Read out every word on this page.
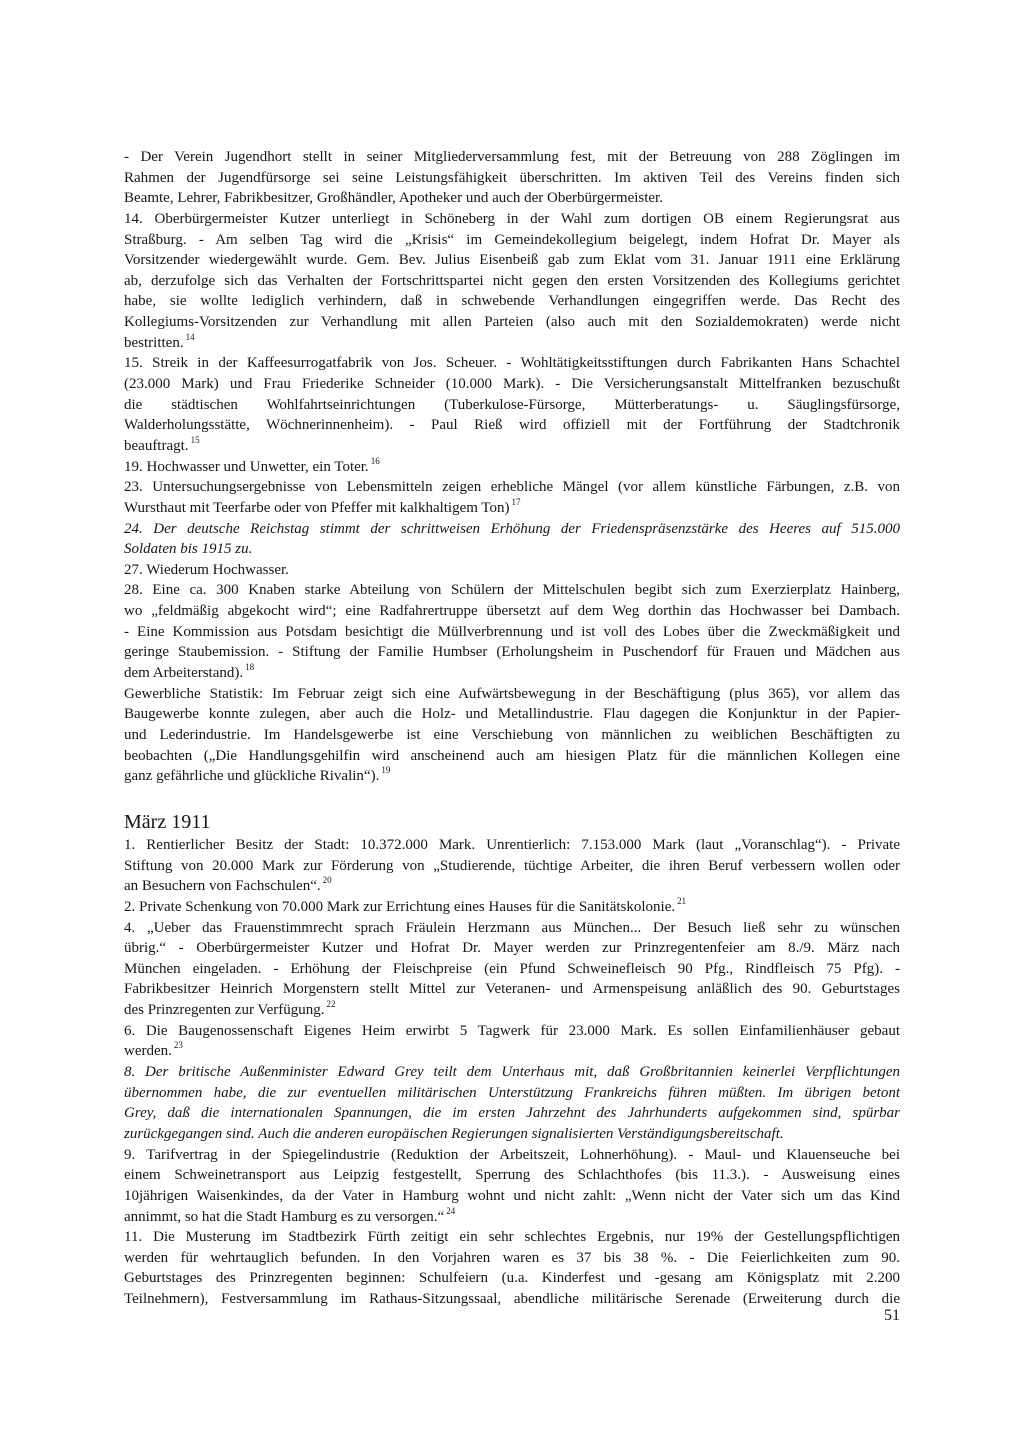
- Der Verein Jugendhort stellt in seiner Mitgliederversammlung fest, mit der Betreuung von 288 Zöglingen im
Rahmen der Jugendfürsorge sei seine Leistungsfähigkeit überschritten. Im aktiven Teil des Vereins finden sich
Beamte, Lehrer, Fabrikbesitzer, Großhändler, Apotheker und auch der Oberbürgermeister.
14. Oberbürgermeister Kutzer unterliegt in Schöneberg in der Wahl zum dortigen OB einem Regierungsrat aus
Straßburg. - Am selben Tag wird die „Krisis“ im Gemeindekollegium beigelegt, indem Hofrat Dr. Mayer als
Vorsitzender wiedergewählt wurde. Gem. Bev. Julius Eisenbeiß gab zum Eklat vom 31. Januar 1911 eine Erklärung
ab, derzufolge sich das Verhalten der Fortschrittspartei nicht gegen den ersten Vorsitzenden des Kollegiums gerichtet
habe, sie wollte lediglich verhindern, daß in schwebende Verhandlungen eingegriffen werde. Das Recht des
Kollegiums-Vorsitzenden zur Verhandlung mit allen Parteien (also auch mit den Sozialdemokraten) werde nicht
bestritten. $^{14}$
15. Streik in der Kaffeesurrogatfabrik von Jos. Scheuer. - Wohltätigkeitsstiftungen durch Fabrikanten Hans Schachtel
(23.000 Mark) und Frau Friederike Schneider (10.000 Mark). - Die Versicherungsanstalt Mittelfranken bezuschußt
die städtischen Wohlfahrtseinrichtungen (Tuberkulose-Fürsorge, Mütterberatungs- u. Säuglingsfürsorge,
Walderholungsstätte, Wöchnerinnenheim). - Paul Rieß wird offiziell mit der Fortführung der Stadtchronik
beauftragt. $^{15}$
19. Hochwasser und Unwetter, ein Toter. $^{16}$
23. Untersuchungsergebnisse von Lebensmitteln zeigen erhebliche Mängel (vor allem künstliche Färbungen, z.B. von
Wursthaut mit Teerfarbe oder von Pfeffer mit kalkhaltigem Ton) $^{17}$
24. Der deutsche Reichstag stimmt der schrittweisen Erhöhung der Friedenspräsenzstärke des Heeres auf 515.000
Soldaten bis 1915 zu.
27. Wiederum Hochwasser.
28. Eine ca. 300 Knaben starke Abteilung von Schülern der Mittelschulen begibt sich zum Exerzierplatz Hainberg,
wo „feldmäßig abgekocht wird“; eine Radfahrertruppe übersetzt auf dem Weg dorthin das Hochwasser bei Dambach.
- Eine Kommission aus Potsdam besichtigt die Müllverbrennung und ist voll des Lobes über die Zweckmäßigkeit und
geringe Staubemission. - Stiftung der Familie Humbser (Erholungsheim in Puschendorf für Frauen und Mädchen aus
dem Arbeiterstand). $^{18}$
Gewerbliche Statistik: Im Februar zeigt sich eine Aufwärtsbewegung in der Beschäftigung (plus 365), vor allem das
Baugewerbe konnte zulegen, aber auch die Holz- und Metallindustrie. Flau dagegen die Konjunktur in der Papier-
und Lederindustrie. Im Handelsgewerbe ist eine Verschiebung von männlichen zu weiblichen Beschäftigten zu
beobachten („Die Handlungsgehilfin wird anscheinend auch am hiesigen Platz für die männlichen Kollegen eine
ganz gefährliche und glückliche Rivalin“). $^{19}$
März 1911
1. Rentierlicher Besitz der Stadt: 10.372.000 Mark. Unrentierlich: 7.153.000 Mark (laut „Voranschlag“). - Private
Stiftung von 20.000 Mark zur Förderung von „Studierende, tüchtige Arbeiter, die ihren Beruf verbessern wollen oder
an Besuchern von Fachschulen“. $^{20}$
2. Private Schenkung von 70.000 Mark zur Errichtung eines Hauses für die Sanitätskolonie. $^{21}$
4. „Ueber das Frauenstimmrecht sprach Fräulein Herzmann aus München... Der Besuch ließ sehr zu wünschen
übrig.“ - Oberbürgermeister Kutzer und Hofrat Dr. Mayer werden zur Prinzregentenfeier am 8./9. März nach
München eingeladen. - Erhöhung der Fleischpreise (ein Pfund Schweinefleisch 90 Pfg., Rindfleisch 75 Pfg). -
Fabrikbesitzer Heinrich Morgenstern stellt Mittel zur Veteranen- und Armenspeisung anläßlich des 90. Geburtstages
des Prinzregenten zur Verfügung. $^{22}$
6. Die Baugenossenschaft Eigenes Heim erwirbt 5 Tagwerk für 23.000 Mark. Es sollen Einfamilienhäuser gebaut
werden. $^{23}$
8. Der britische Außenminister Edward Grey teilt dem Unterhaus mit, daß Großbritannien keinerlei Verpflichtungen
übernommen habe, die zur eventuellen militärischen Unterstützung Frankreichs führen müßten. Im übrigen betont
Grey, daß die internationalen Spannungen, die im ersten Jahrzehnt des Jahrhunderts aufgekommen sind, spürbar
zurückgegangen sind. Auch die anderen europäischen Regierungen signalisierten Verständigungsbereitschaft.
9. Tarifvertrag in der Spiegelindustrie (Reduktion der Arbeitszeit, Lohnerhöhung). - Maul- und Klauenseuche bei
einem Schweinetransport aus Leipzig festgestellt, Sperrung des Schlachthofes (bis 11.3.). - Ausweisung eines
10jährigen Waisenkindes, da der Vater in Hamburg wohnt und nicht zahlt: „Wenn nicht der Vater sich um das Kind
annimmt, so hat die Stadt Hamburg es zu versorgen.“ $^{24}$
11. Die Musterung im Stadtbezirk Fürth zeitigt ein sehr schlechtes Ergebnis, nur 19% der Gestellungspflichtigen
werden für wehrtauglich befunden. In den Vorjahren waren es 37 bis 38 %. - Die Feierlichkeiten zum 90.
Geburtstages des Prinzregenten beginnen: Schulfeiern (u.a. Kinderfest und -gesang am Königsplatz mit 2.200
Teilnehmern), Festversammlung im Rathaus-Sitzungssaal, abendliche militärische Serenade (Erweiterung durch die
51
